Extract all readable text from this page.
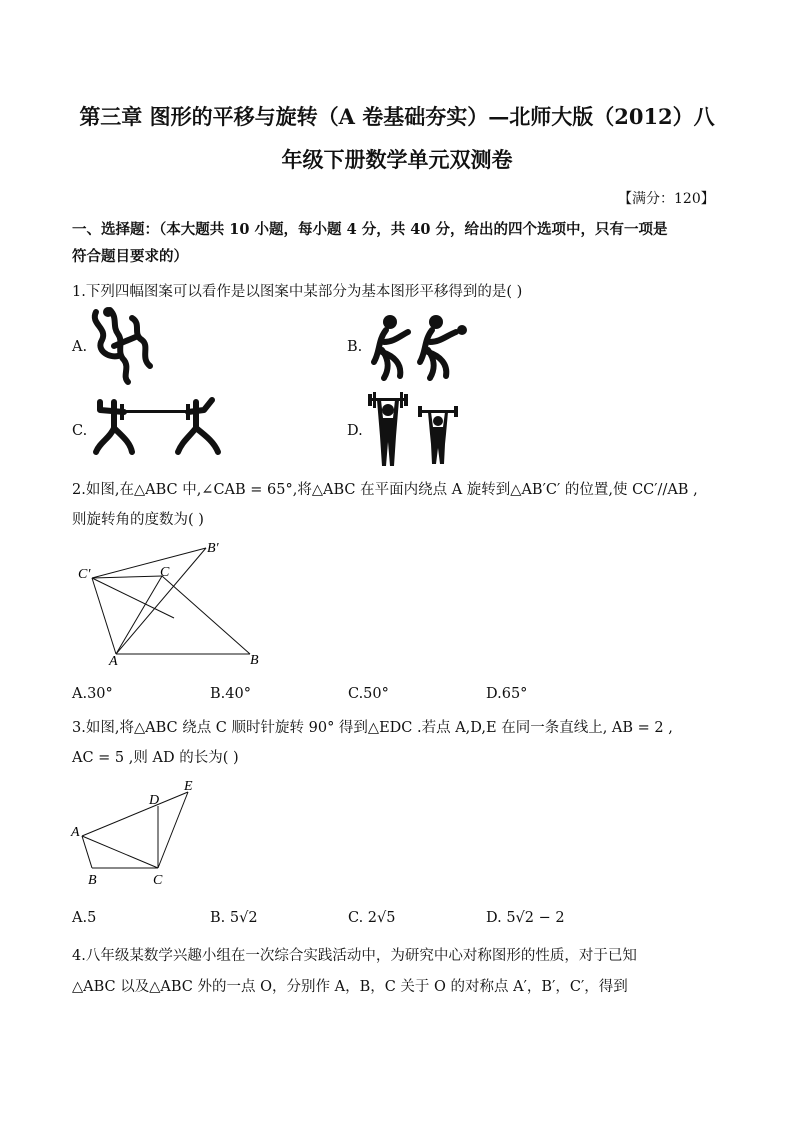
第三章 图形的平移与旋转（A 卷基础夯实）—北师大版（2012）八
年级下册数学单元双测卷
【满分：120】
一、选择题：（本大题共 10 小题，每小题 4 分，共 40 分，给出的四个选项中，只有一项是
符合题目要求的）
1.下列四幅图案可以看作是以图案中某部分为基本图形平移得到的是( )
A.	B.
C.	D.
2.如图,在△ABC 中,∠CAB = 65°,将△ABC 在平面内绕点 A 旋转到△AB′C′ 的位置,使 CC′//AB ,
则旋转角的度数为( )
B′
C′	C
A	B
A.30°	B.40°	C.50°	D.65°
3.如图,将△ABC 绕点 C 顺时针旋转 90° 得到△EDC .若点 A,D,E 在同一条直线上, AB = 2 ,
AC = 5 ,则 AD 的长为( )
E
D
A
B	C
A.5	B. 5√2	C. 2√5	D. 5√2 − 2
4.八年级某数学兴趣小组在一次综合实践活动中，为研究中心对称图形的性质，对于已知
△ABC 以及△ABC 外的一点 O，分别作 A，B，C 关于 O 的对称点 A′，B′，C′，得到
